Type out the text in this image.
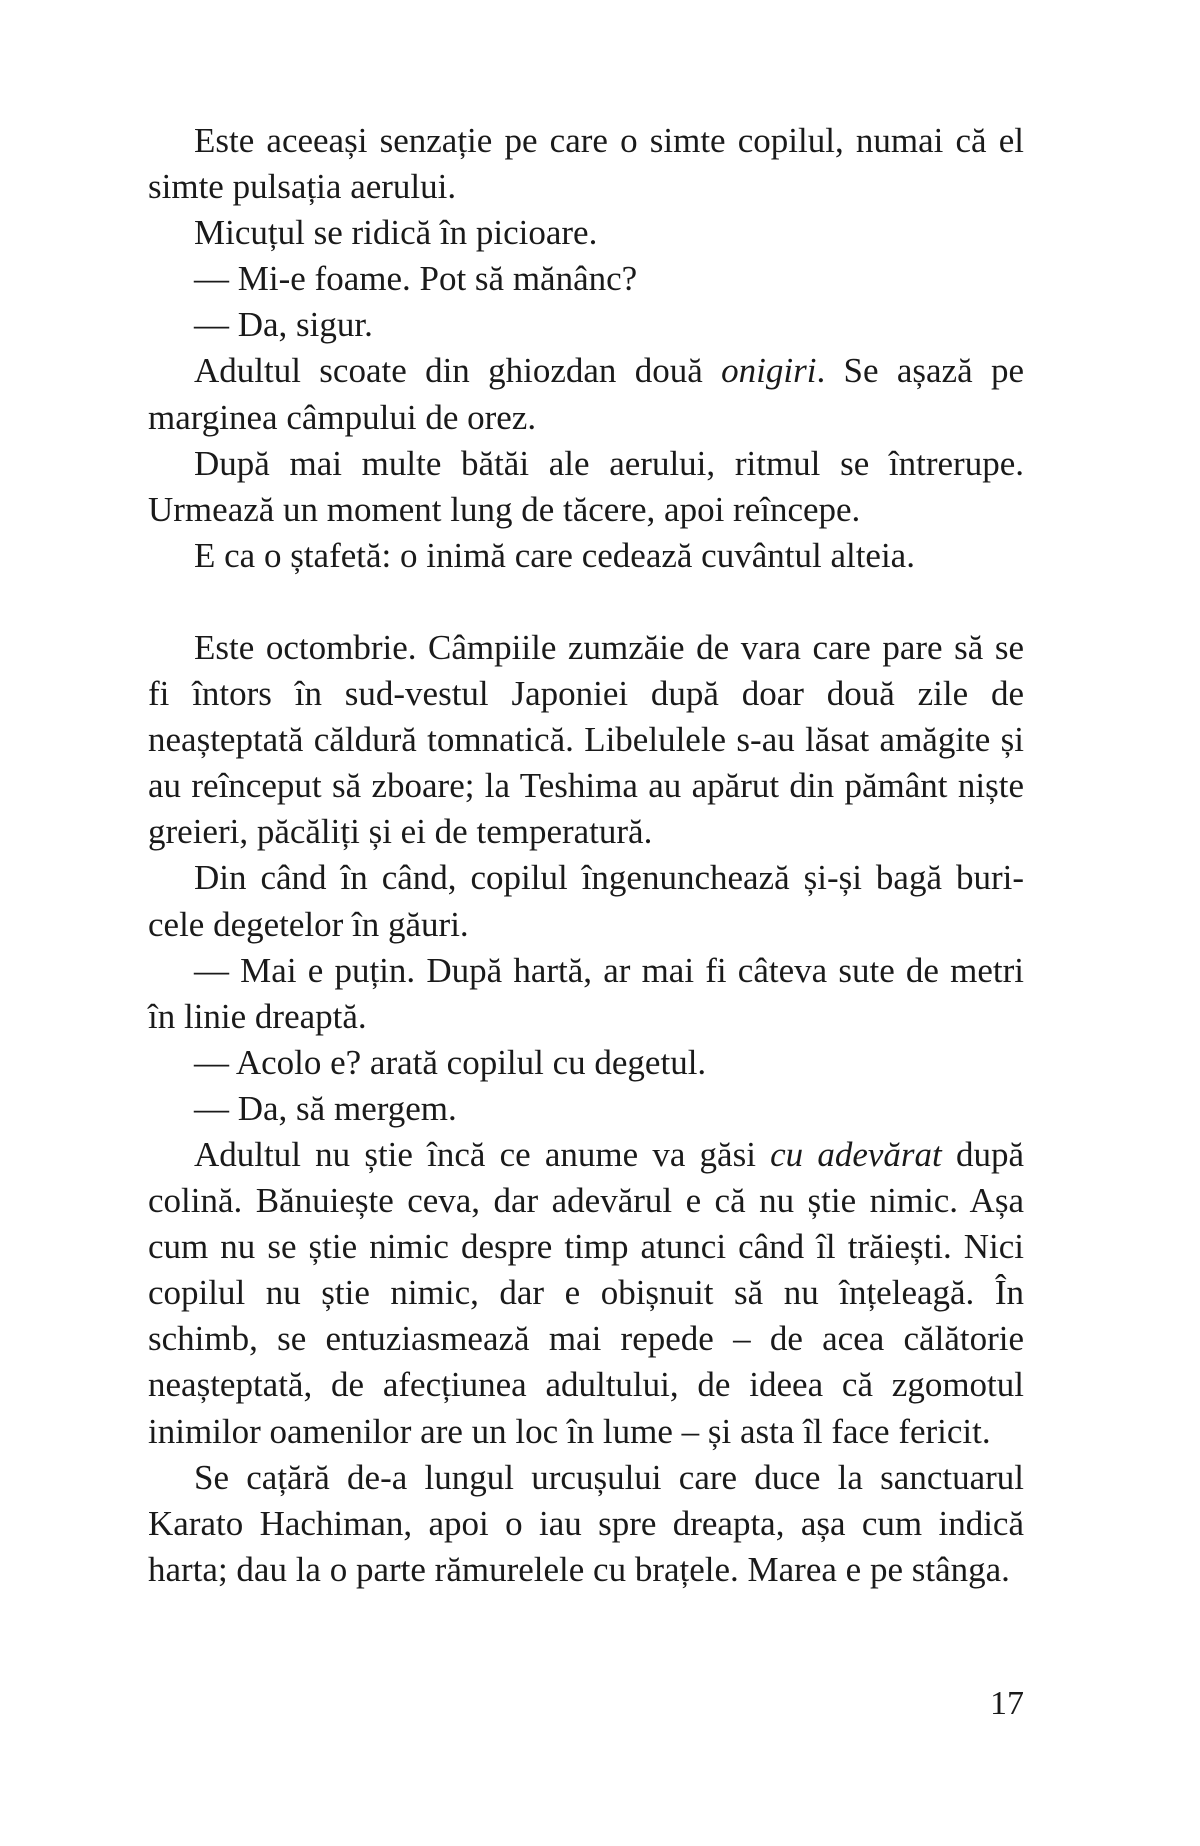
Este aceeași senzație pe care o simte copilul, numai că el simte pulsația aerului.

Micuțul se ridică în picioare.

— Mi-e foame. Pot să mănânc?

— Da, sigur.

Adultul scoate din ghiozdan două onigiri. Se așază pe marginea câmpului de orez.

După mai multe bătăi ale aerului, ritmul se întrerupe. Urmează un moment lung de tăcere, apoi reîncepe.

E ca o ștafetă: o inimă care cedează cuvântul alteia.

Este octombrie. Câmpiile zumzăie de vara care pare să se fi întors în sud-vestul Japoniei după doar două zile de neașteptată căldură tomnatică. Libelulele s-au lăsat amăgite și au reînceput să zboare; la Teshima au apărut din pământ niște greieri, păcăliți și ei de temperatură.

Din când în când, copilul îngenunchează și-și bagă buricele degetelor în găuri.

— Mai e puțin. După hartă, ar mai fi câteva sute de metri în linie dreaptă.

— Acolo e? arată copilul cu degetul.

— Da, să mergem.

Adultul nu știe încă ce anume va găsi cu adevărat după colină. Bănuiește ceva, dar adevărul e că nu știe nimic. Așa cum nu se știe nimic despre timp atunci când îl trăiești. Nici copilul nu știe nimic, dar e obișnuit să nu înțeleagă. În schimb, se entuziasmează mai repede – de acea călătorie neașteptată, de afecțiunea adultului, de ideea că zgomotul inimilor oamenilor are un loc în lume – și asta îl face fericit.

Se cațără de-a lungul urcușului care duce la sanctuarul Karato Hachiman, apoi o iau spre dreapta, așa cum indică harta; dau la o parte rămurelele cu brațele. Marea e pe stânga.

17
